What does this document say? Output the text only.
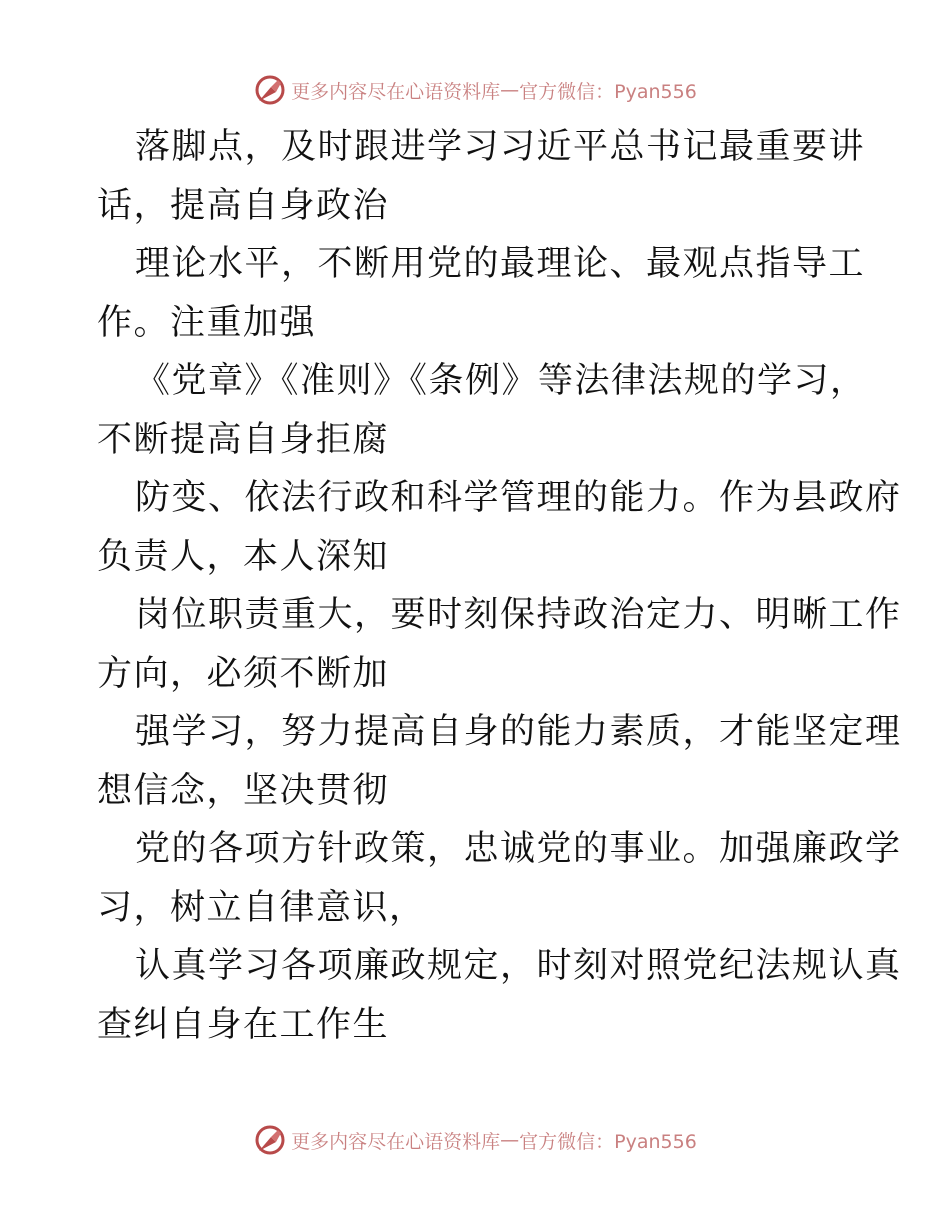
更多内容尽在心语资料库 — 官方微信：Pyan556
落脚点，及时跟进学习习近平总书记最重要讲
话，提高自身政治
理论水平，不断用党的最理论、最观点指导工
作。注重加强
《党章》《准则》《条例》等法律法规的学习，
不断提高自身拒腐
防变、依法行政和科学管理的能力。作为县政府
负责人，本人深知
岗位职责重大，要时刻保持政治定力、明晰工作
方向，必须不断加
强学习，努力提高自身的能力素质，才能坚定理
想信念，坚决贯彻
党的各项方针政策，忠诚党的事业。加强廉政学
习，树立自律意识，
认真学习各项廉政规定，时刻对照党纪法规认真
查纠自身在工作生
更多内容尽在心语资料库 — 官方微信：Pyan556
